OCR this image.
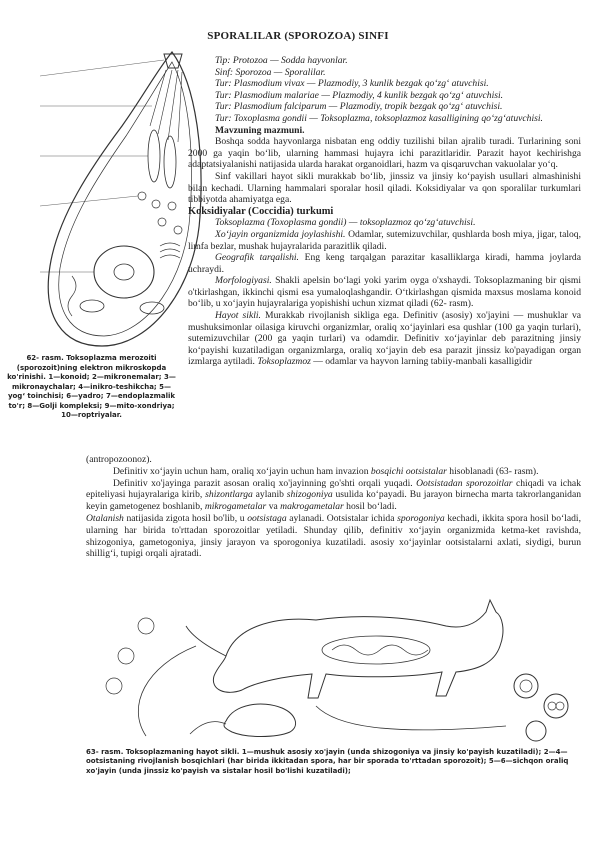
SPORALILAR (SPOROZOA) SINFI
62- rasm. Toksoplazma merozoiti (sporozoit)ning elektron mikroskopda ko'rinishi. 1—konoid; 2—mikronemalar; 3—mikronaychalar; 4—inikro-teshikcha; 5—yog‘ toinchisi; 6—yadro; 7—endoplazmalik to'r; 8—Golji kompleksi; 9—mito-xondriya; 10—roptriyalar.

Tip: Protozoa — Sodda hayvonlar.

Sinf: Sporozoa — Sporalilar.

Tur: Plasmodium vivax — Plazmodiy, 3 kunlik bezgak qo‘zg‘ atuvchisi.

Tur: Plasmodium malariae — Plazmodiy, 4 kunlik bezgak qo‘zg‘ atuvchisi.

Tur: Plasmodium falciparum — Plazmodiy, tropik bezgak qo‘zg‘ atuvchisi.

Tur: Toxoplasma gondii — Toksoplazma, toksoplazmoz kasalligining qo‘zg‘atuvchisi.

Mavzuning mazmuni.

Boshqa sodda hayvonlarga nisbatan eng oddiy tuzilishi bilan ajralib turadi. Turlarining soni 2000 ga yaqin bo‘lib, ularning hammasi hujayra ichi parazitlaridir. Parazit hayot kechirishga adaptatsiyalanishi natijasida ularda harakat organoidlari, hazm va qisqaruvchan vakuolalar yo‘q.

Sinf vakillari hayot sikli murakkab bo‘lib, jinssiz va jinsiy ko‘payish usullari almashinishi bilan kechadi. Ularning hammalari sporalar hosil qiladi. Koksidiyalar va qon sporalilar turkumlari tibbiyotda ahamiyatga ega.

Koksidiyalar (Coccidia) turkumi

Toksoplazma (Toxoplasma gondii) — toksoplazmoz qo‘zg‘atuvchisi.

Xo‘jayin organizmida joylashishi. Odamlar, sutemizuvchilar, qushlarda bosh miya, jigar, taloq, limfa bezlar, mushak hujayralarida parazitlik qiladi.

Geografik tarqalishi. Eng keng tarqalgan parazitar kasalliklarga kiradi, hamma joylarda uchraydi.

Morfologiyasi. Shakli apelsin bo‘lagi yoki yarim oyga o'xshaydi. Toksoplazmaning bir qismi o'tkirlashgan, ikkinchi qismi esa yumaloqlashgandir. O‘tkirlashgan qismida maxsus moslama konoid bo‘lib, u xo‘jayin hujayralariga yopishishi uchun xizmat qiladi (62- rasm).

Hayot sikli. Murakkab rivojlanish sikliga ega. Definitiv (asosiy) xo'jayini — mushuklar va mushuksimonlar oilasiga kiruvchi organizmlar, oraliq xo‘jayinlari esa qushlar (100 ga yaqin turlari), sutemizuvchilar (200 ga yaqin turlari) va odamdir. Definitiv xo‘jayinlar deb parazitning jinsiy ko‘payishi kuzatiladigan organizmlarga, oraliq xo‘jayin deb esa parazit jinssiz ko'payadigan organ izmlarga aytiladi. Toksoplazmoz — odamlar va hayvon larning tabiiy-manbali kasalligidir

(antropozoonoz).

Definitiv xo‘jayin uchun ham, oraliq xo‘jayin uchun ham invazion bosqichi ootsistalar hisoblanadi (63- rasm).

Definitiv xo'jayinga parazit asosan oraliq xo'jayinning go'shti orqali yuqadi. Ootsistadan sporozoitlar chiqadi va ichak epiteliyasi hujayralariga kirib, shizontlarga aylanib shizogoniya usulida ko‘payadi. Bu jarayon birnecha marta takrorlanganidan keyin gametogenez boshlanib, mikrogametalar va makrogametalar hosil bo‘ladi.

Otalanish natijasida zigota hosil bo'lib, u ootsistaga aylanadi. Ootsistalar ichida sporogoniya kechadi, ikkita spora hosil bo‘ladi, ularning har birida to'rttadan sporozoitlar yetiladi. Shunday qilib, definitiv xo‘jayin organizmida ketma-ket ravishda, shizogoniya, gametogoniya, jinsiy jarayon va sporogoniya kuzatiladi. asosiy xo‘jayinlar ootsistalarni axlati, siydigi, burun shillig‘i, tupigi orqali ajratadi.

63- rasm. Toksoplazmaning hayot sikli. 1—mushuk asosiy xo'jayin (unda shizogoniya va jinsiy ko'payish kuzatiladi); 2—4—ootsistaning rivojlanish bosqichlari (har birida ikkitadan spora, har bir sporada to'rttadan sporozoit); 5—6—sichqon oraliq xo'jayin (unda jinssiz ko'payish va sistalar hosil bo'lishi kuzatiladi);
